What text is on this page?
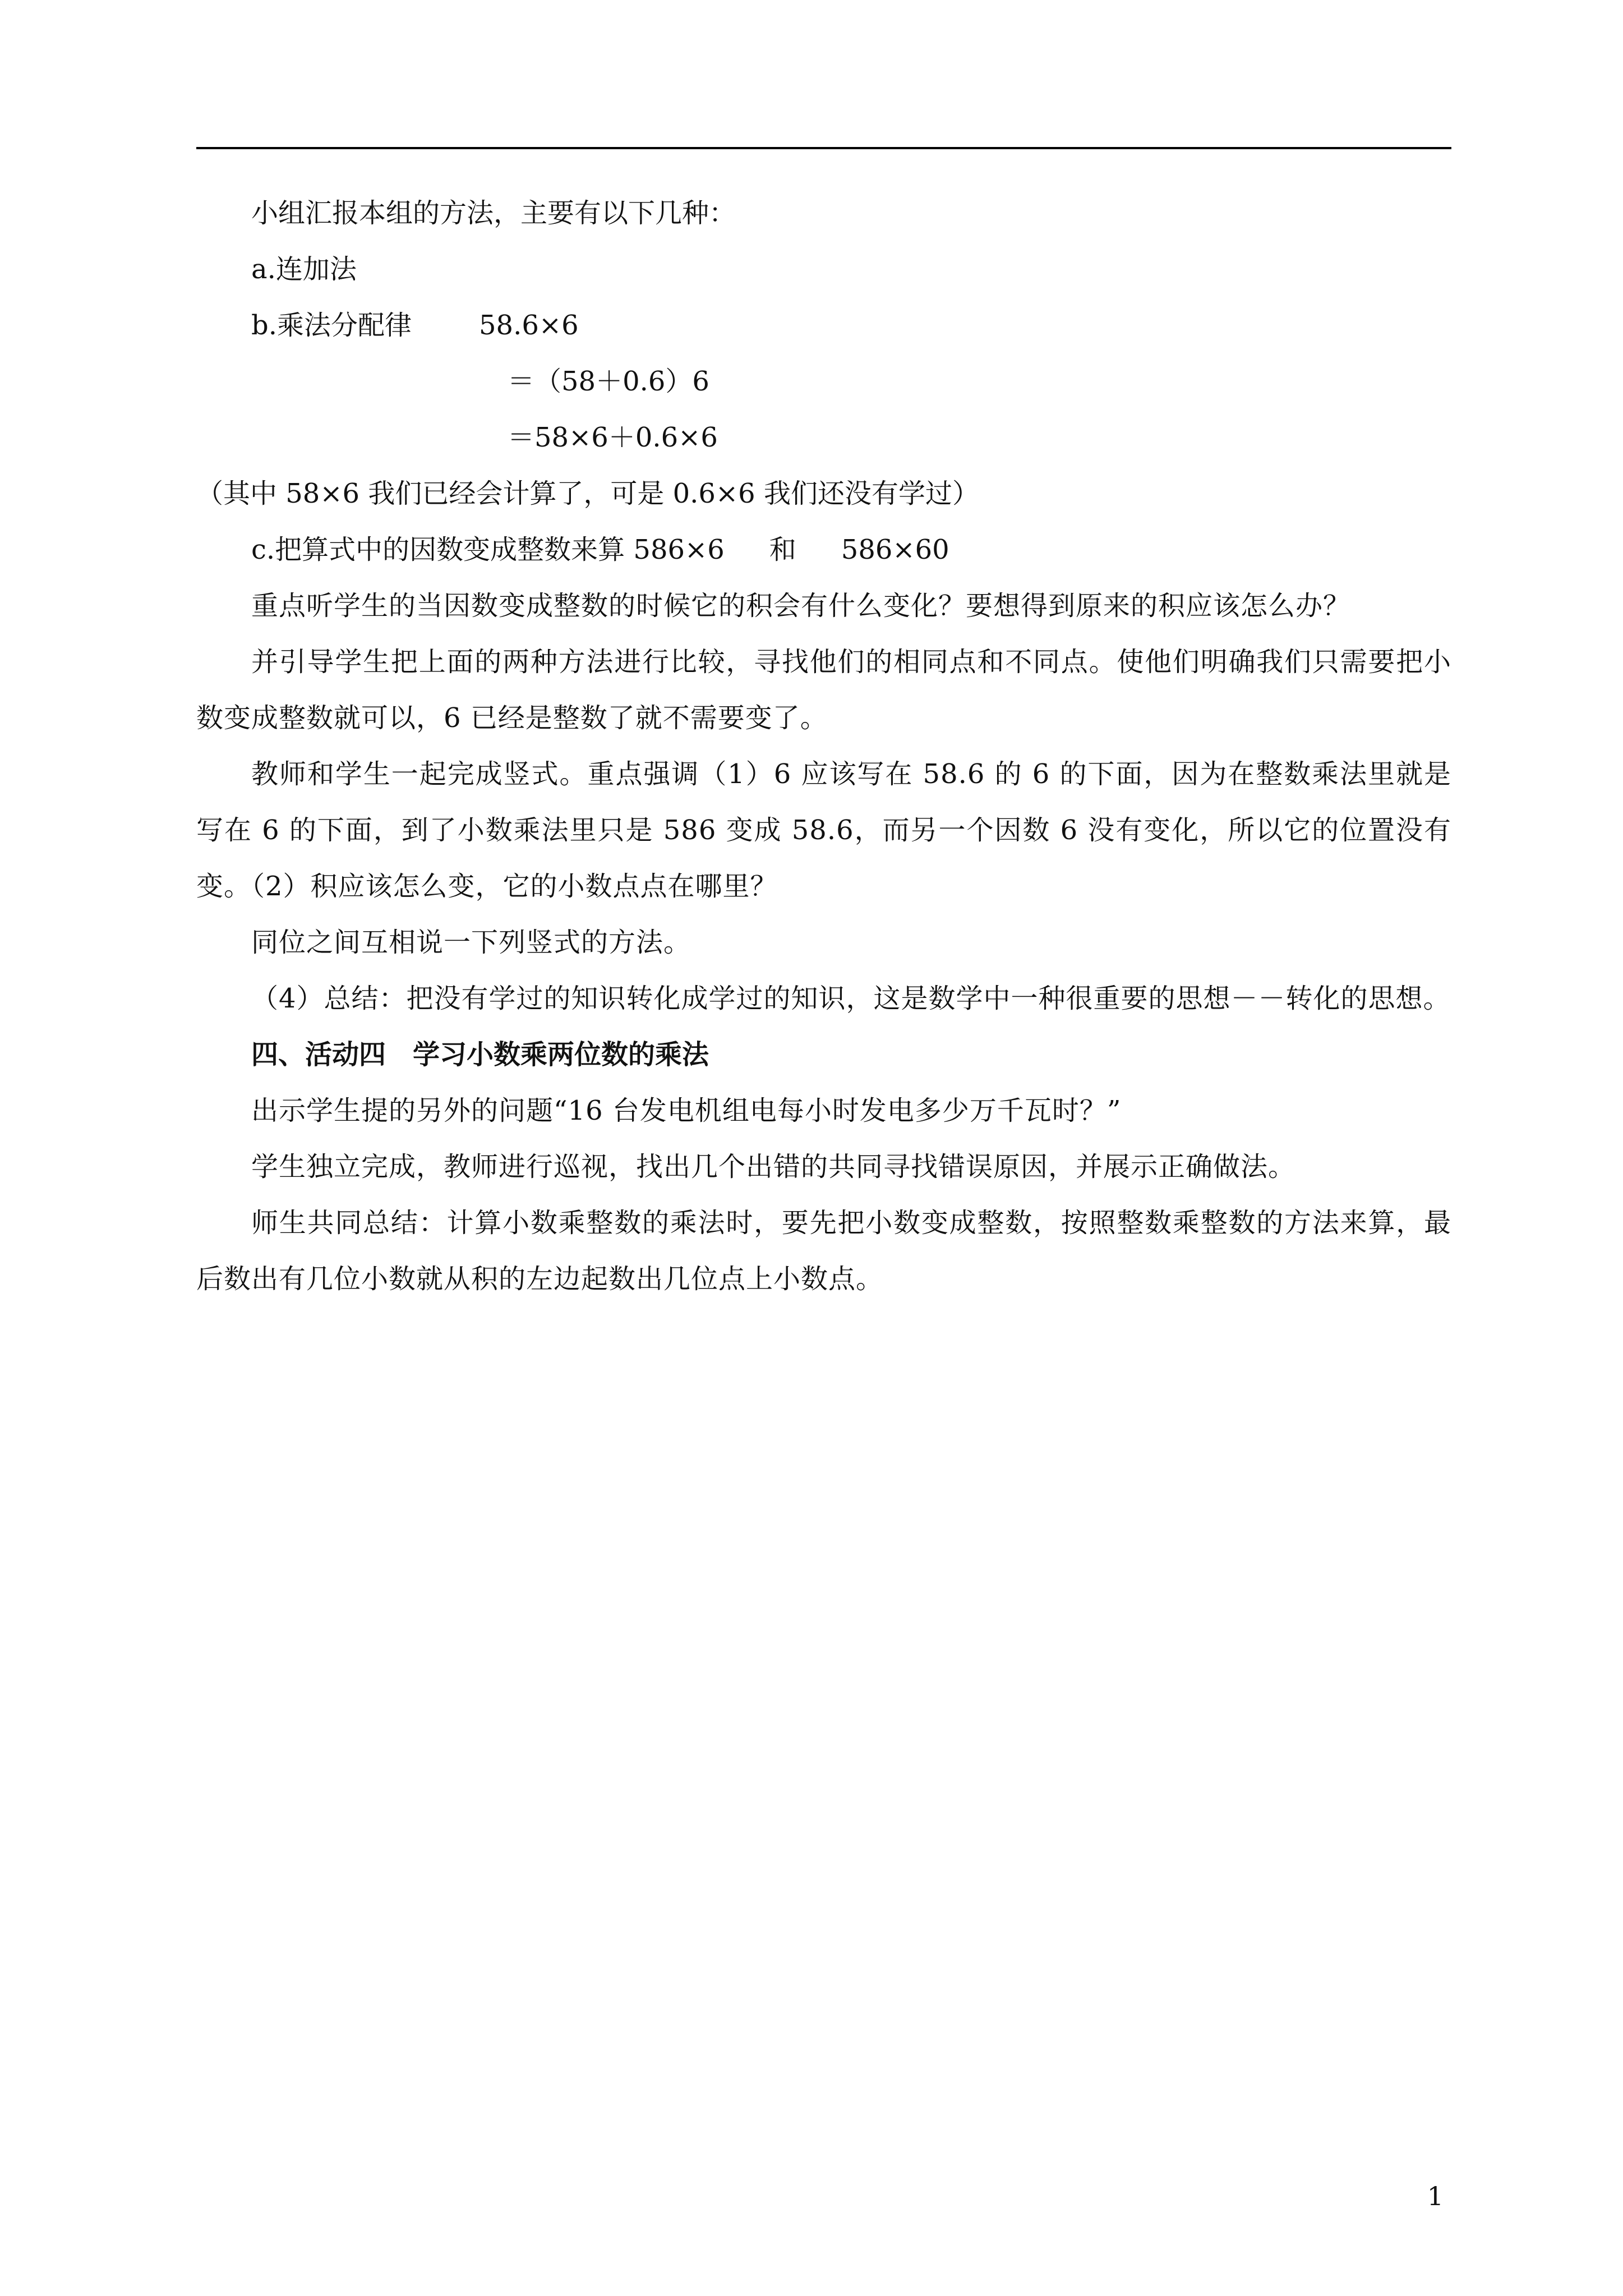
小组汇报本组的方法，主要有以下几种：
a.连加法
b.乘法分配律	58.6×6
＝（58＋0.6）6
＝58×6＋0.6×6
（其中 58×6 我们已经会计算了，可是 0.6×6 我们还没有学过）
c.把算式中的因数变成整数来算 586×6 和 586×60
重点听学生的当因数变成整数的时候它的积会有什么变化？要想得到原来的积应该怎么办？
并引导学生把上面的两种方法进行比较，寻找他们的相同点和不同点。使他们明确我们只需要把小数变成整数就可以，6 已经是整数了就不需要变了。
教师和学生一起完成竖式。重点强调（1）6 应该写在 58.6 的 6 的下面，因为在整数乘法里就是写在 6 的下面，到了小数乘法里只是 586 变成 58.6，而另一个因数 6 没有变化，所以它的位置没有变。（2）积应该怎么变，它的小数点点在哪里？
同位之间互相说一下列竖式的方法。
（4）总结：把没有学过的知识转化成学过的知识，这是数学中一种很重要的思想－－转化的思想。
四、活动四　学习小数乘两位数的乘法
出示学生提的另外的问题“16 台发电机组电每小时发电多少万千瓦时？”
学生独立完成，教师进行巡视，找出几个出错的共同寻找错误原因，并展示正确做法。
师生共同总结：计算小数乘整数的乘法时，要先把小数变成整数，按照整数乘整数的方法来算，最后数出有几位小数就从积的左边起数出几位点上小数点。
1
